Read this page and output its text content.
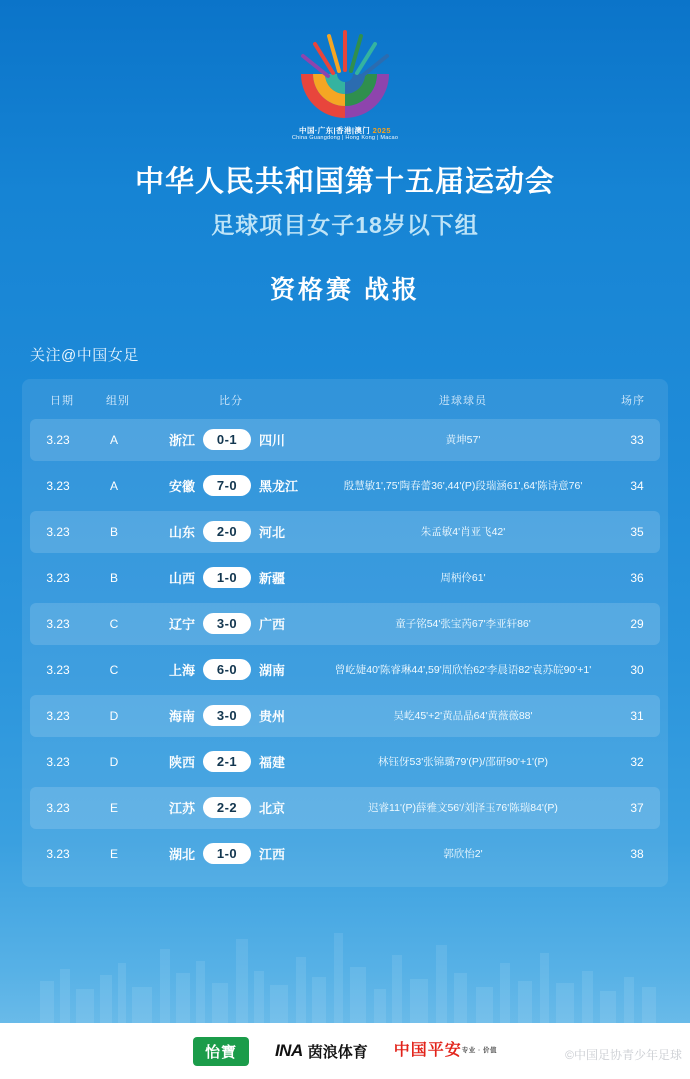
中国·广东|香港|澳门 2025
China Guangdong | Hong Kong | Macao
中华人民共和国第十五届运动会
足球项目女子18岁以下组
资格赛 战报
关注@中国女足
日期	组别	比分	进球球员	场序
3.23	A	浙江	0-1	四川	黄坤57'	33
3.23	A	安徽	7-0	黑龙江	殷慧敏1',75'陶春蕾36',44'(P)段瑞涵61',64'陈诗意76'	34
3.23	B	山东	2-0	河北	朱孟敏4'肖亚飞42'	35
3.23	B	山西	1-0	新疆	周柄伶61'	36
3.23	C	辽宁	3-0	广西	童子铭54'张宝芮67'李亚轩86'	29
3.23	C	上海	6-0	湖南	曾屹婕40'陈睿琳44',59'周欣怡62'李晨语82'袁苏皖90'+1'	30
3.23	D	海南	3-0	贵州	吴屹45'+2'黄品晶64'黄薇薇88'	31
3.23	D	陕西	2-1	福建	林钰伢53'张锦璐79'(P)/邵研90'+1'(P)	32
3.23	E	江苏	2-2	北京	迟睿11'(P)薛雅文56'/刘泽玉76'陈瑞84'(P)	37
3.23	E	湖北	1-0	江西	郭欣怡2'	38
怡寶	INA 茵浪体育 中国平安 专业 · 价值	©中国足协青少年足球
